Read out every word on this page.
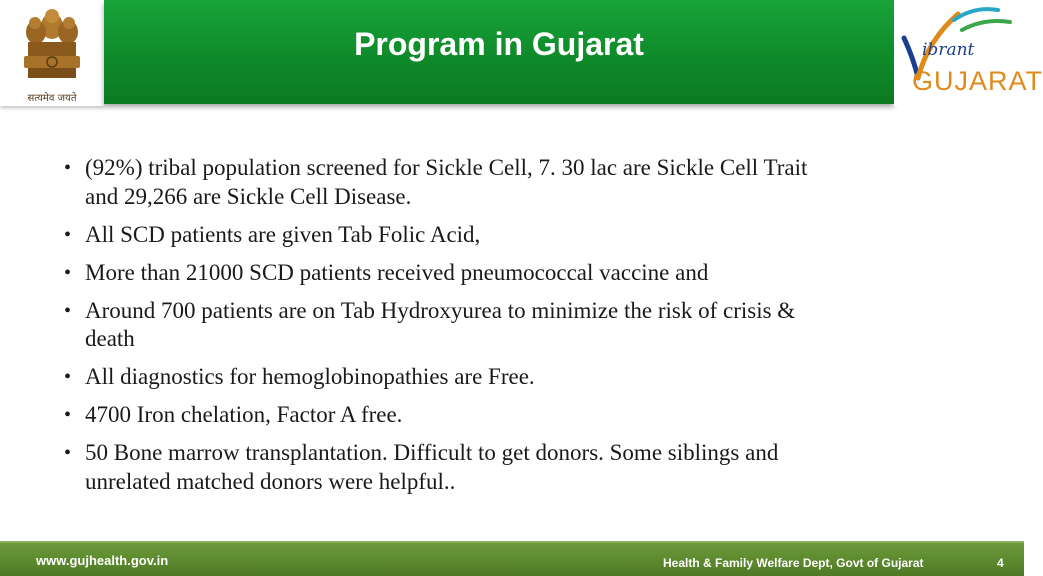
सत्यमेव जयते
Program in Gujarat	ibrant
GUJARAT
• (92%) tribal population screened for Sickle Cell, 7. 30 lac are Sickle Cell Trait
and 29,266 are Sickle Cell Disease.
• All SCD patients are given Tab Folic Acid,
• More than 21000 SCD patients received pneumococcal vaccine and
• Around 700 patients are on Tab Hydroxyurea to minimize the risk of crisis &
death
• All diagnostics for hemoglobinopathies are Free.
• 4700 Iron chelation, Factor A free.
• 50 Bone marrow transplantation. Difficult to get donors. Some siblings and
unrelated matched donors were helpful..
www.gujhealth.gov.in	Health & Family Welfare Dept, Govt of Gujarat	4
